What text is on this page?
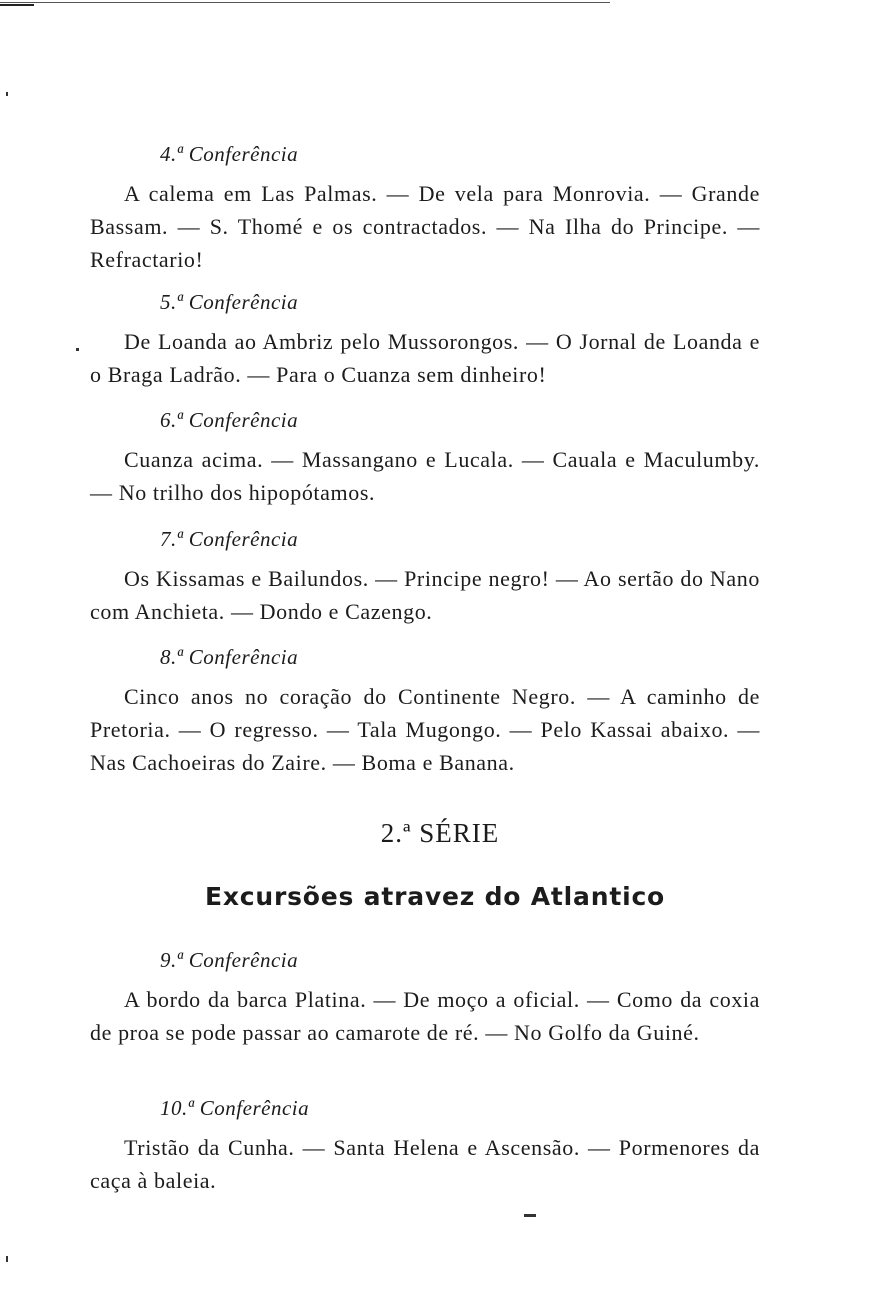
4.ª Conferência

A calema em Las Palmas. — De vela para Monrovia. — Grande Bassam. — S. Thomé e os contractados. — Na Ilha do Principe. — Refractario!

5.ª Conferência

De Loanda ao Ambriz pelo Mussorongos. — O Jornal de Loanda e o Braga Ladrão. — Para o Cuanza sem dinheiro!

6.ª Conferência

Cuanza acima. — Massangano e Lucala. — Cauala e Maculumby. — No trilho dos hipopótamos.

7.ª Conferência

Os Kissamas e Bailundos. — Principe negro! — Ao sertão do Nano com Anchieta. — Dondo e Cazengo.

8.ª Conferência

Cinco anos no coração do Continente Negro. — A caminho de Pretoria. — O regresso. — Tala Mugongo. — Pelo Kassai abaixo. — Nas Cachoeiras do Zaire. — Boma e Banana.

2.ª SÉRIE
Excursões atravez do Atlantico

9.ª Conferência

A bordo da barca Platina. — De moço a oficial. — Como da coxia de proa se pode passar ao camarote de ré. — No Golfo da Guiné.

10.ª Conferência

Tristão da Cunha. — Santa Helena e Ascensão. — Pormenores da caça à baleia.
